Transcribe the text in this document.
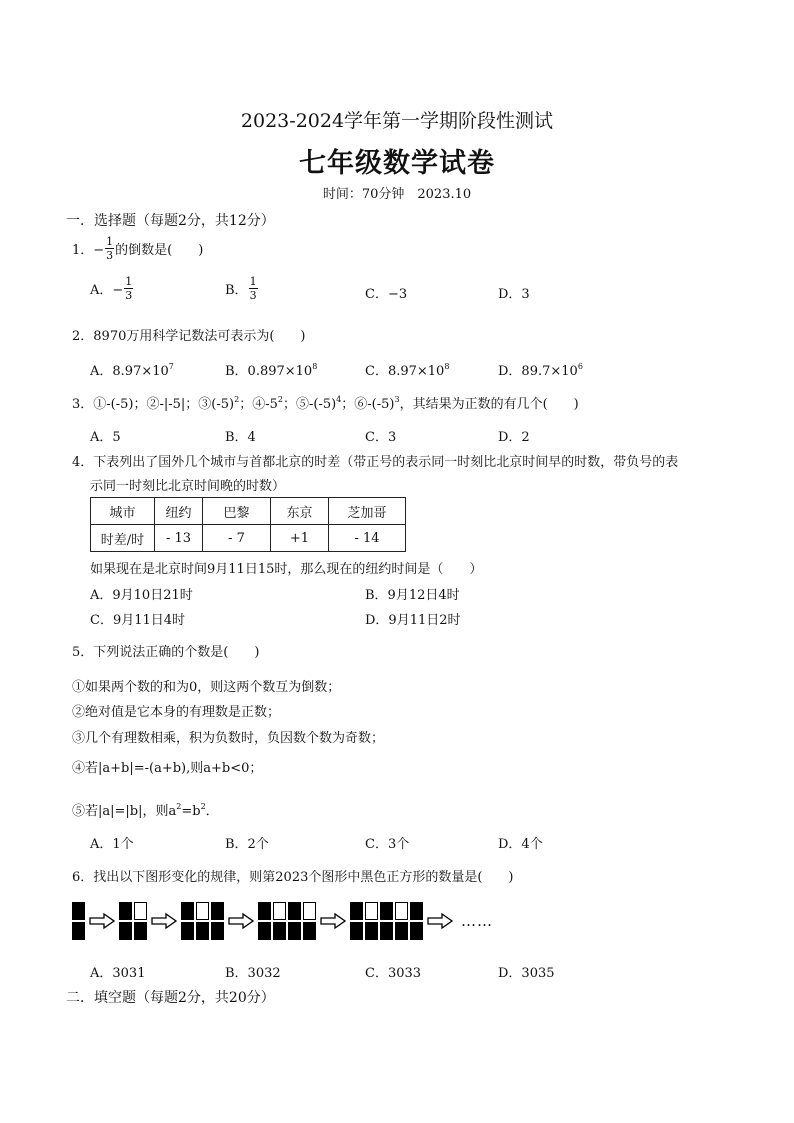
2023-2024学年第一学期阶段性测试
七年级数学试卷
时间：70分钟　2023.10
一．选择题（每题2分，共12分）
1．− $\frac{1}{3}$ 的倒数是(　　)
A．− $\frac{1}{3}$	B． $\frac{1}{3}$	C．−3	D．3
2．8970万用科学记数法可表示为(　　)
A．$8.97\times 10^7$	B．$0.897\times 10^8$	C．$8.97\times 10^8$	D．$89.7\times 10^6$
3．①-(-5)；②-|-5|；$③(-5)^2$；$④-5^2$；$⑤-(-5)^4$；$⑥-(-5)^3$，其结果为正数的有几个(　　)
A．5	B．4	C．3	D．2
4．下表列出了国外几个城市与首都北京的时差（带正号的表示同一时刻比北京时间早的时数，带负号的表
示同一时刻比北京时间晚的时数）
城市	纽约	巴黎	东京	芝加哥
时差/时	- 13	- 7	+1	- 14
如果现在是北京时间9月11日15时，那么现在的纽约时间是（　　）
A．9月10日21时	B．9月12日4时
C．9月11日4时	D．9月11日2时
5．下列说法正确的个数是(　　)
①如果两个数的和为0，则这两个数互为倒数；
②绝对值是它本身的有理数是正数；
③几个有理数相乘，积为负数时，负因数个数为奇数；
④若|a+b|=-(a+b),则a+b<0；
⑤若|a|=|b|，则$a^2=b^2$．
A．1个	B．2个	C．3个	D．4个
6．找出以下图形变化的规律，则第2023个图形中黑色正方形的数量是(　　)
……
A．3031	B．3032	C．3033	D．3035
二．填空题（每题2分，共20分）
